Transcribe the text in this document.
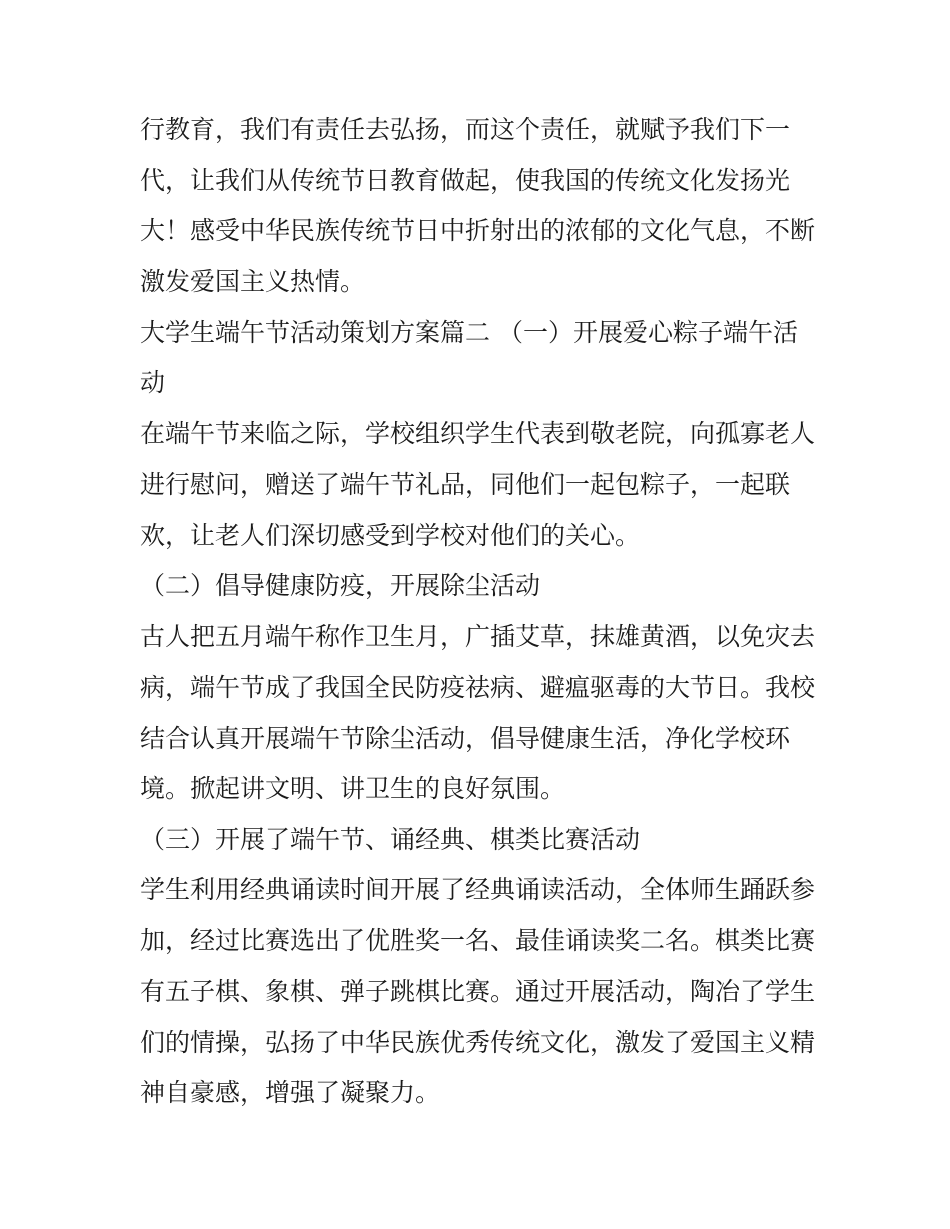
行教育，我们有责任去弘扬，而这个责任，就赋予我们下一
代，让我们从传统节日教育做起，使我国的传统文化发扬光
大！感受中华民族传统节日中折射出的浓郁的文化气息，不断
激发爱国主义热情。
大学生端午节活动策划方案篇二 （一）开展爱心粽子端午活
动
在端午节来临之际，学校组织学生代表到敬老院，向孤寡老人
进行慰问，赠送了端午节礼品，同他们一起包粽子，一起联
欢，让老人们深切感受到学校对他们的关心。
（二）倡导健康防疫，开展除尘活动
古人把五月端午称作卫生月，广插艾草，抹雄黄酒，以免灾去
病，端午节成了我国全民防疫祛病、避瘟驱毒的大节日。我校
结合认真开展端午节除尘活动，倡导健康生活，净化学校环
境。掀起讲文明、讲卫生的良好氛围。
（三）开展了端午节、诵经典、棋类比赛活动
学生利用经典诵读时间开展了经典诵读活动，全体师生踊跃参
加，经过比赛选出了优胜奖一名、最佳诵读奖二名。棋类比赛
有五子棋、象棋、弹子跳棋比赛。通过开展活动，陶冶了学生
们的情操，弘扬了中华民族优秀传统文化，激发了爱国主义精
神自豪感，增强了凝聚力。
